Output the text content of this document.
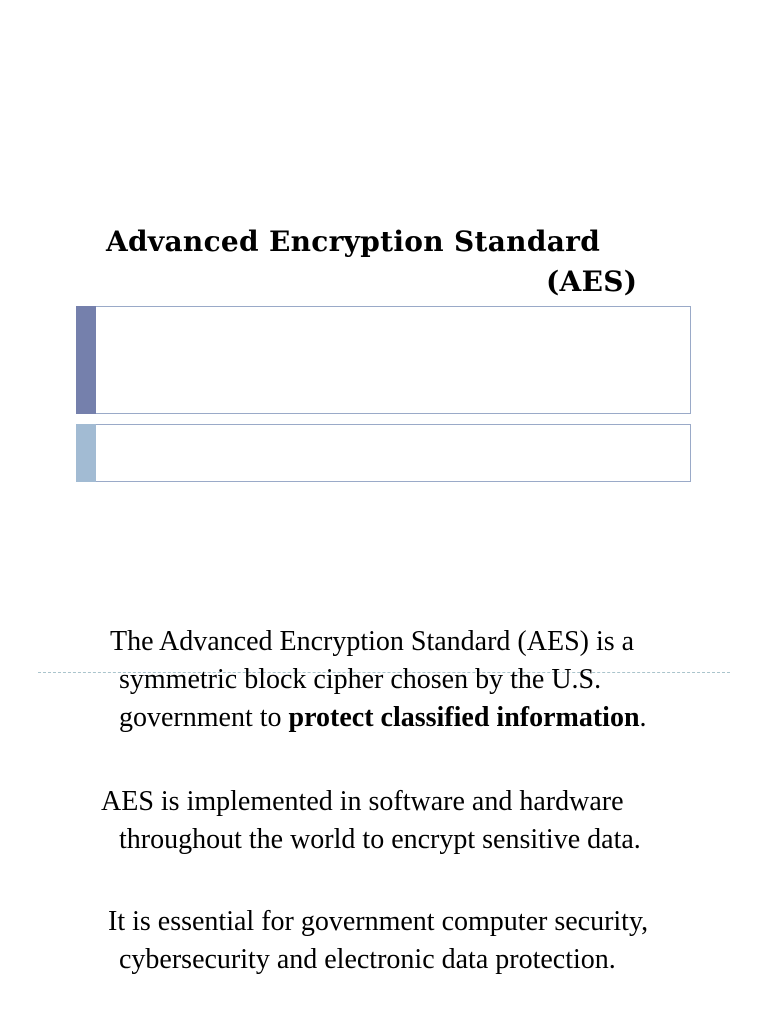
Advanced Encryption Standard
(AES)
The Advanced Encryption Standard (AES) is a
symmetric block cipher chosen by the U.S.
government to protect classified information.
AES is implemented in software and hardware
throughout the world to encrypt sensitive data.
It is essential for government computer security,
cybersecurity and electronic data protection.
